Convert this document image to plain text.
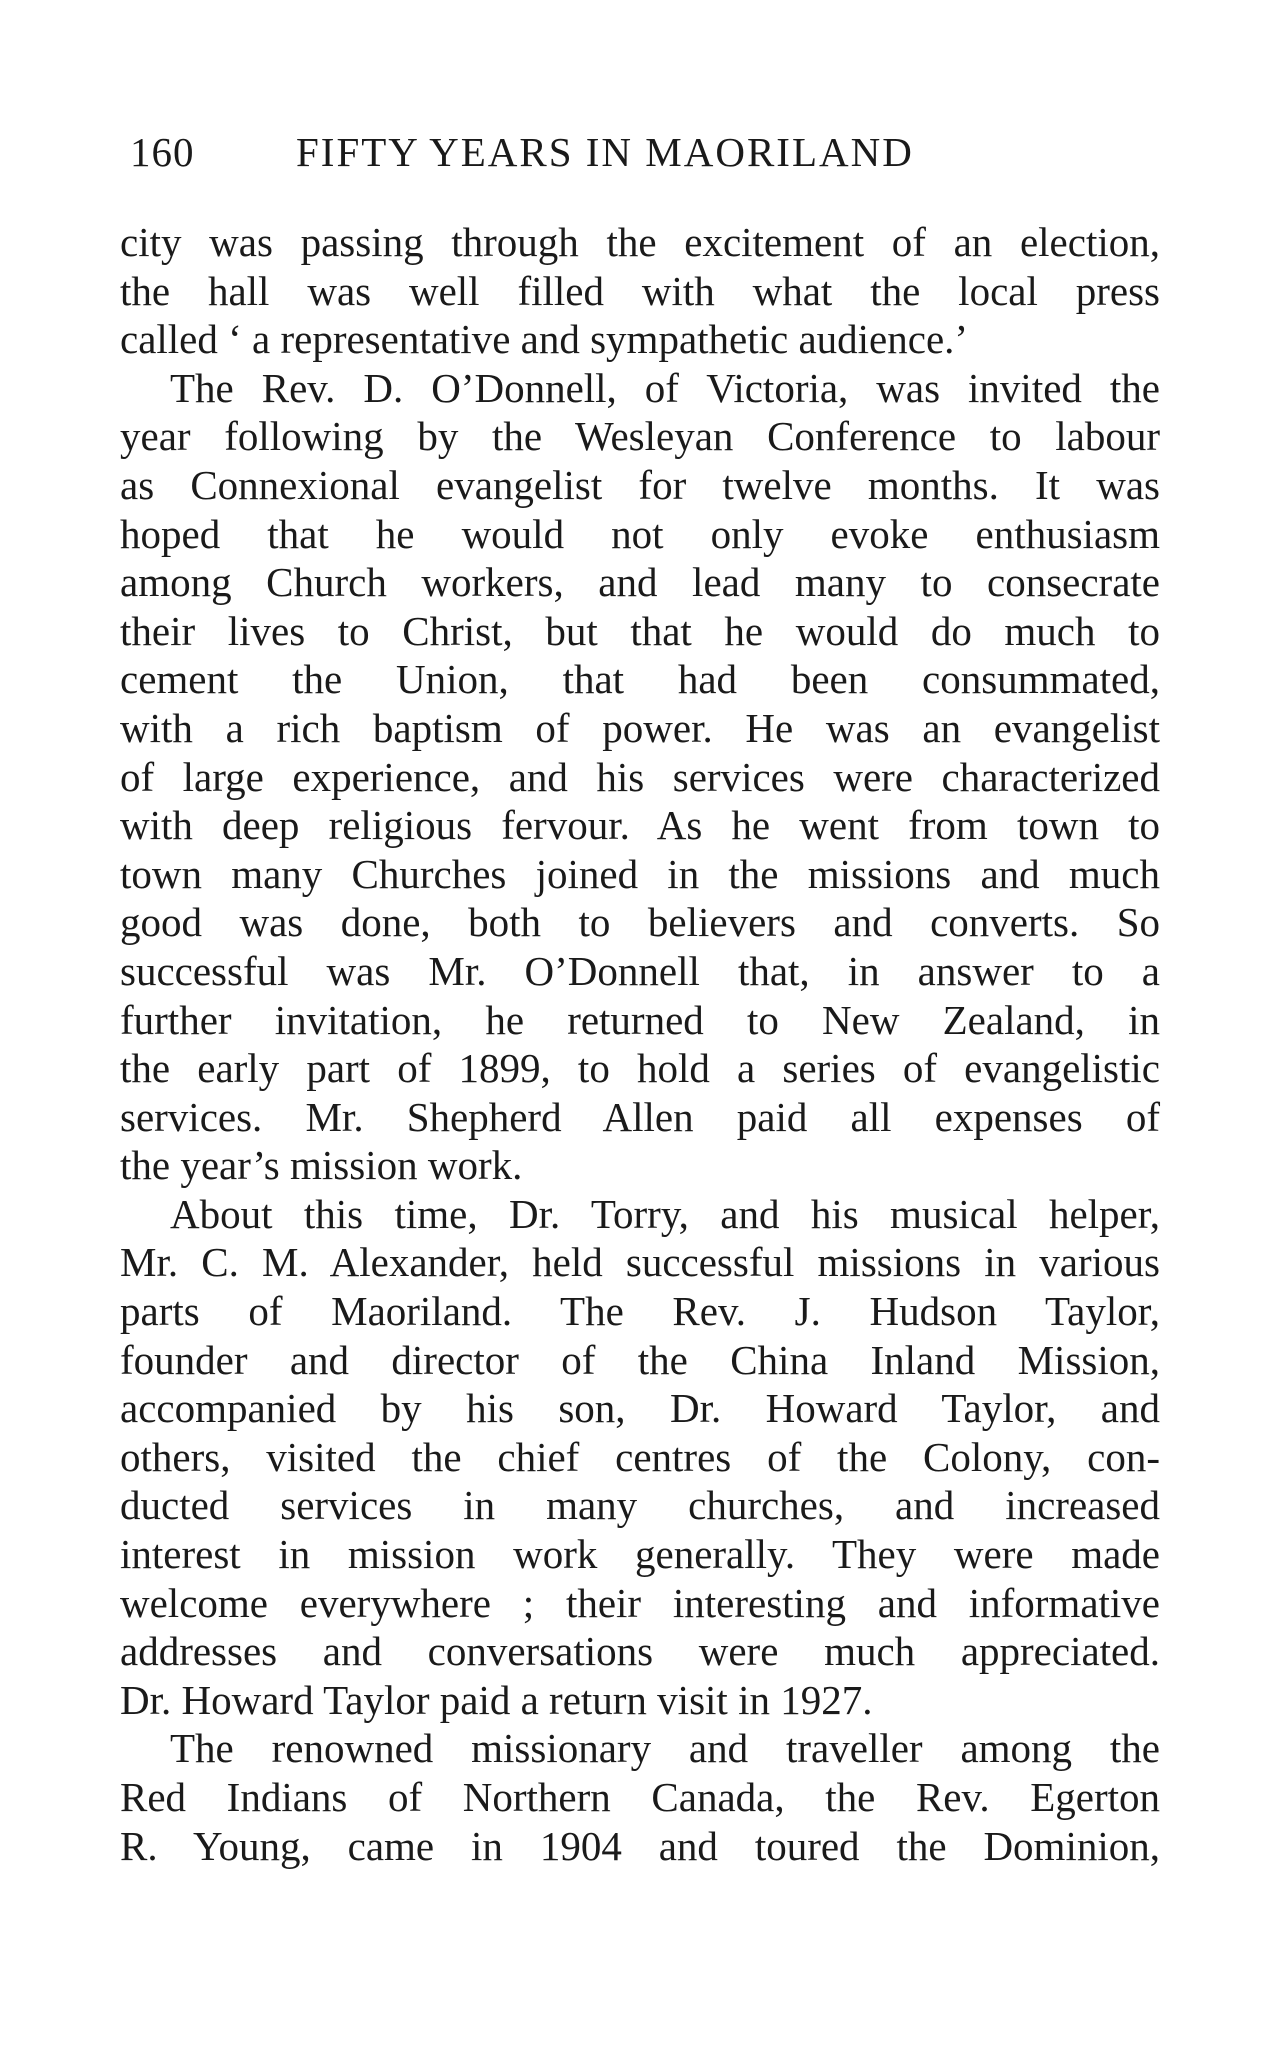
160 FIFTY YEARS IN MAORILAND
city was passing through the excitement of an election,
the hall was well filled with what the local press
called ‘ a representative and sympathetic audience.’
The Rev. D. O’Donnell, of Victoria, was invited the
year following by the Wesleyan Conference to labour
as Connexional evangelist for twelve months. It was
hoped that he would not only evoke enthusiasm
among Church workers, and lead many to consecrate
their lives to Christ, but that he would do much to
cement the Union, that had been consummated,
with a rich baptism of power. He was an evangelist
of large experience, and his services were characterized
with deep religious fervour. As he went from town to
town many Churches joined in the missions and much
good was done, both to believers and converts. So
successful was Mr. O’Donnell that, in answer to a
further invitation, he returned to New Zealand, in
the early part of 1899, to hold a series of evangelistic
services. Mr. Shepherd Allen paid all expenses of
the year’s mission work.
About this time, Dr. Torry, and his musical helper,
Mr. C. M. Alexander, held successful missions in various
parts of Maoriland. The Rev. J. Hudson Taylor,
founder and director of the China Inland Mission,
accompanied by his son, Dr. Howard Taylor, and
others, visited the chief centres of the Colony, con-
ducted services in many churches, and increased
interest in mission work generally. They were made
welcome everywhere ; their interesting and informative
addresses and conversations were much appreciated.
Dr. Howard Taylor paid a return visit in 1927.
The renowned missionary and traveller among the
Red Indians of Northern Canada, the Rev. Egerton
R. Young, came in 1904 and toured the Dominion,
